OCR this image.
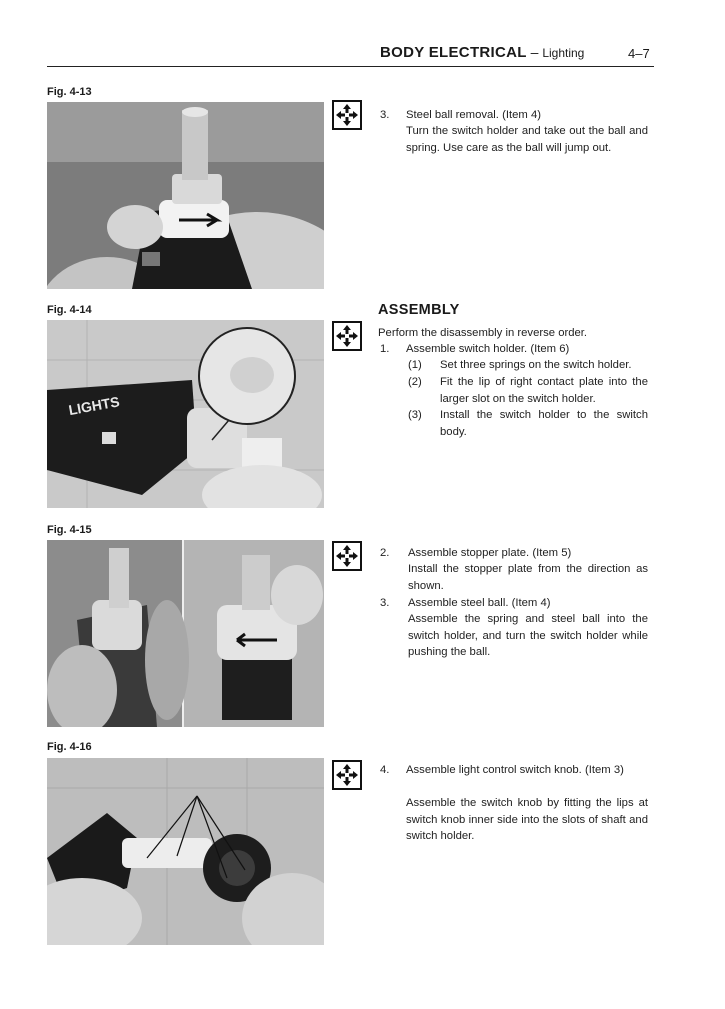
BODY ELECTRICAL – Lighting	4–7
Fig. 4-13
3. Steel ball removal. (Item 4)
Turn the switch holder and take out the ball and spring. Use care as the ball will jump out.
Fig. 4-14
LIGHTS
ASSEMBLY
Perform the disassembly in reverse order.
1. Assemble switch holder. (Item 6)
(1) Set three springs on the switch holder.
(2) Fit the lip of right contact plate into the larger slot on the switch holder.
(3) Install the switch holder to the switch body.
Fig. 4-15
2. Assemble stopper plate. (Item 5)
Install the stopper plate from the direction as shown.
3. Assemble steel ball. (Item 4)
Assemble the spring and steel ball into the switch holder, and turn the switch holder while pushing the ball.
Fig. 4-16
4. Assemble light control switch knob. (Item 3)
Assemble the switch knob by fitting the lips at switch knob inner side into the slots of shaft and switch holder.
